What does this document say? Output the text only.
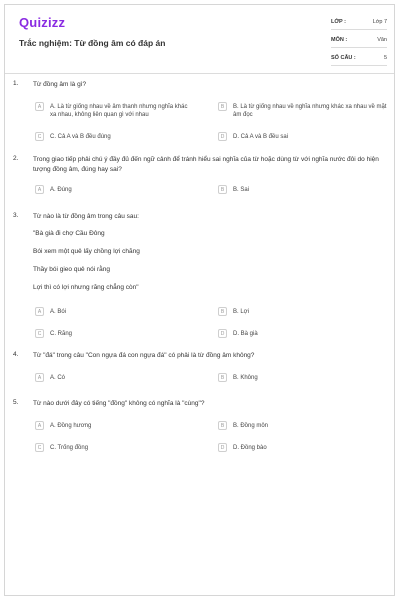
Quizizz
Trắc nghiệm: Từ đồng âm có đáp án
LỚP :	Lớp 7
MÔN :	Văn
SỐ CÂU :	5
1. Từ đồng âm là gì?
A	A. Là từ giống nhau về âm thanh nhưng nghĩa khác xa nhau, không liên quan gì với nhau
B	B. Là từ giống nhau về nghĩa nhưng khác xa nhau về mặt âm đọc
C	C. Cả A và B đều đúng	D	D. Cả A và B đều sai
2. Trong giao tiếp phải chú ý đầy đủ đến ngữ cảnh để tránh hiểu sai nghĩa của từ hoặc dùng từ với nghĩa nước đôi do hiện tượng đồng âm, đúng hay sai?
A	A. Đúng	B	B. Sai
3. Từ nào là từ đồng âm trong câu sau:
"Bà già đi chợ Cầu Đông
Bói xem một quẻ lấy chồng lợi chăng
Thầy bói gieo quẻ nói rằng
Lợi thì có lợi nhưng răng chẳng còn"
A	A. Bói	B	B. Lợi
C	C. Răng	D	D. Bà già
4. Từ "đá" trong câu "Con ngựa đá con ngựa đá" có phải là từ đồng âm không?
A	A. Có	B	B. Không
5. Từ nào dưới đây có tiếng "đồng" không có nghĩa là "cùng"?
A	A. Đồng hương	B	B. Đồng môn
C	C. Trống đồng	D	D. Đồng bào
